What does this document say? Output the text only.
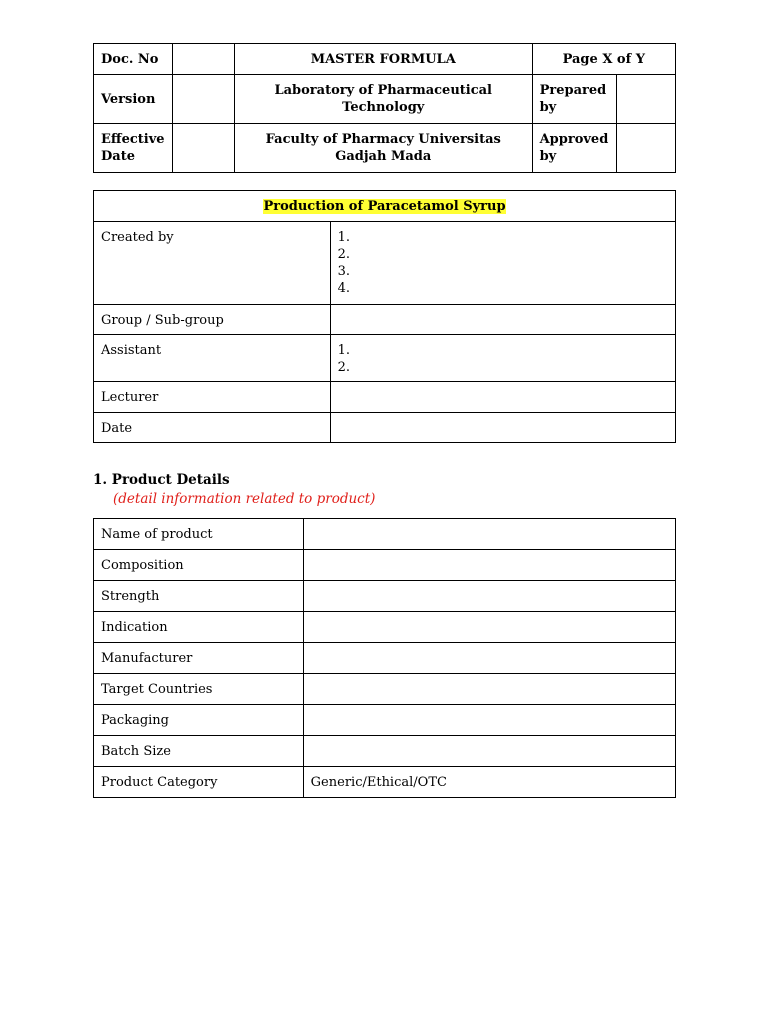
Doc. No		MASTER FORMULA	Page X of Y	
Version		Laboratory of Pharmaceutical Technology	Prepared by	
Effective Date		Faculty of Pharmacy Universitas Gadjah Mada	Approved by	
Production of Paracetamol Syrup	
Created by	1.
2.
3.
4.

Group / Sub-group	
Assistant	1.
2.

Lecturer	
Date	
1. Product Details
(detail information related to product)
Name of product	
Composition	
Strength	
Indication	
Manufacturer	
Target Countries	
Packaging	
Batch Size	
Product Category	Generic/Ethical/OTC
